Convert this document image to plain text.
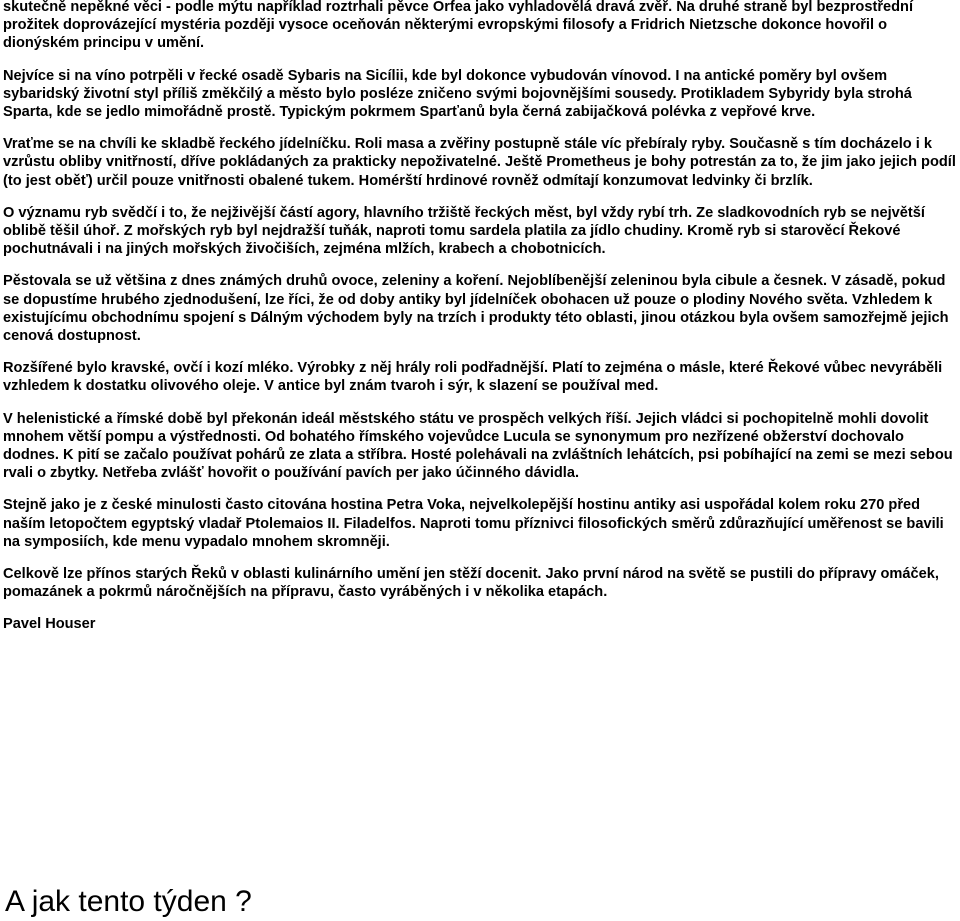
skutečně nepěkné věci - podle mýtu například roztrhali pěvce Orfea jako vyhladovělá dravá zvěř. Na druhé straně byl bezprostřední prožitek doprovázející mystéria později vysoce oceňován některými evropskými filosofy a Fridrich Nietzsche dokonce hovořil o dionýském principu v umění.

Nejvíce si na víno potrpěli v řecké osadě Sybaris na Sicílii, kde byl dokonce vybudován vínovod. I na antické poměry byl ovšem sybaridský životní styl příliš změkčilý a město bylo posléze zničeno svými bojovnějšími sousedy. Protikladem Sybyridy byla strohá Sparta, kde se jedlo mimořádně prostě. Typickým pokrmem Sparťanů byla černá zabijačková polévka z vepřové krve.

Vraťme se na chvíli ke skladbě řeckého jídelníčku. Roli masa a zvěřiny postupně stále víc přebíraly ryby. Současně s tím docházelo i k vzrůstu obliby vnitřností, dříve pokládaných za prakticky nepoživatelné. Ještě Prometheus je bohy potrestán za to, že jim jako jejich podíl (to jest oběť) určil pouze vnitřnosti obalené tukem. Homérští hrdinové rovněž odmítají konzumovat ledvinky či brzlík.

O významu ryb svědčí i to, že nejživější částí agory, hlavního tržiště řeckých měst, byl vždy rybí trh. Ze sladkovodních ryb se největší oblibě těšil úhoř. Z mořských ryb byl nejdražší tuňák, naproti tomu sardela platila za jídlo chudiny. Kromě ryb si starověcí Řekové pochutnávali i na jiných mořských živočiších, zejména mlžích, krabech a chobotnicích.

Pěstovala se už většina z dnes známých druhů ovoce, zeleniny a koření. Nejoblíbenější zeleninou byla cibule a česnek. V zásadě, pokud se dopustíme hrubého zjednodušení, lze říci, že od doby antiky byl jídelníček obohacen už pouze o plodiny Nového světa. Vzhledem k existujícímu obchodnímu spojení s Dálným východem byly na trzích i produkty této oblasti, jinou otázkou byla ovšem samozřejmě jejich cenová dostupnost.

Rozšířené bylo kravské, ovčí i kozí mléko. Výrobky z něj hrály roli podřadnější. Platí to zejména o másle, které Řekové vůbec nevyráběli vzhledem k dostatku olivového oleje. V antice byl znám tvaroh i sýr, k slazení se používal med.

V helenistické a římské době byl překonán ideál městského státu ve prospěch velkých říší. Jejich vládci si pochopitelně mohli dovolit mnohem větší pompu a výstřednosti. Od bohatého římského vojevůdce Lucula se synonymum pro nezřízené obžerství dochovalo dodnes. K pití se začalo používat pohárů ze zlata a stříbra. Hosté polehávali na zvláštních lehátcích, psi pobíhající na zemi se mezi sebou rvali o zbytky. Netřeba zvlášť hovořit o používání pavích per jako účinného dávidla.

Stejně jako je z české minulosti často citována hostina Petra Voka, nejvelkolepější hostinu antiky asi uspořádal kolem roku 270 před naším letopočtem egyptský vladař Ptolemaios II. Filadelfos. Naproti tomu příznivci filosofických směrů zdůrazňující uměřenost se bavili na symposiích, kde menu vypadalo mnohem skromněji.

Celkově lze přínos starých Řeků v oblasti kulinárního umění jen stěží docenit. Jako první národ na světě se pustili do přípravy omáček, pomazánek a pokrmů náročnějších na přípravu, často vyráběných i v několika etapách.

Pavel Houser

A jak tento týden ?
